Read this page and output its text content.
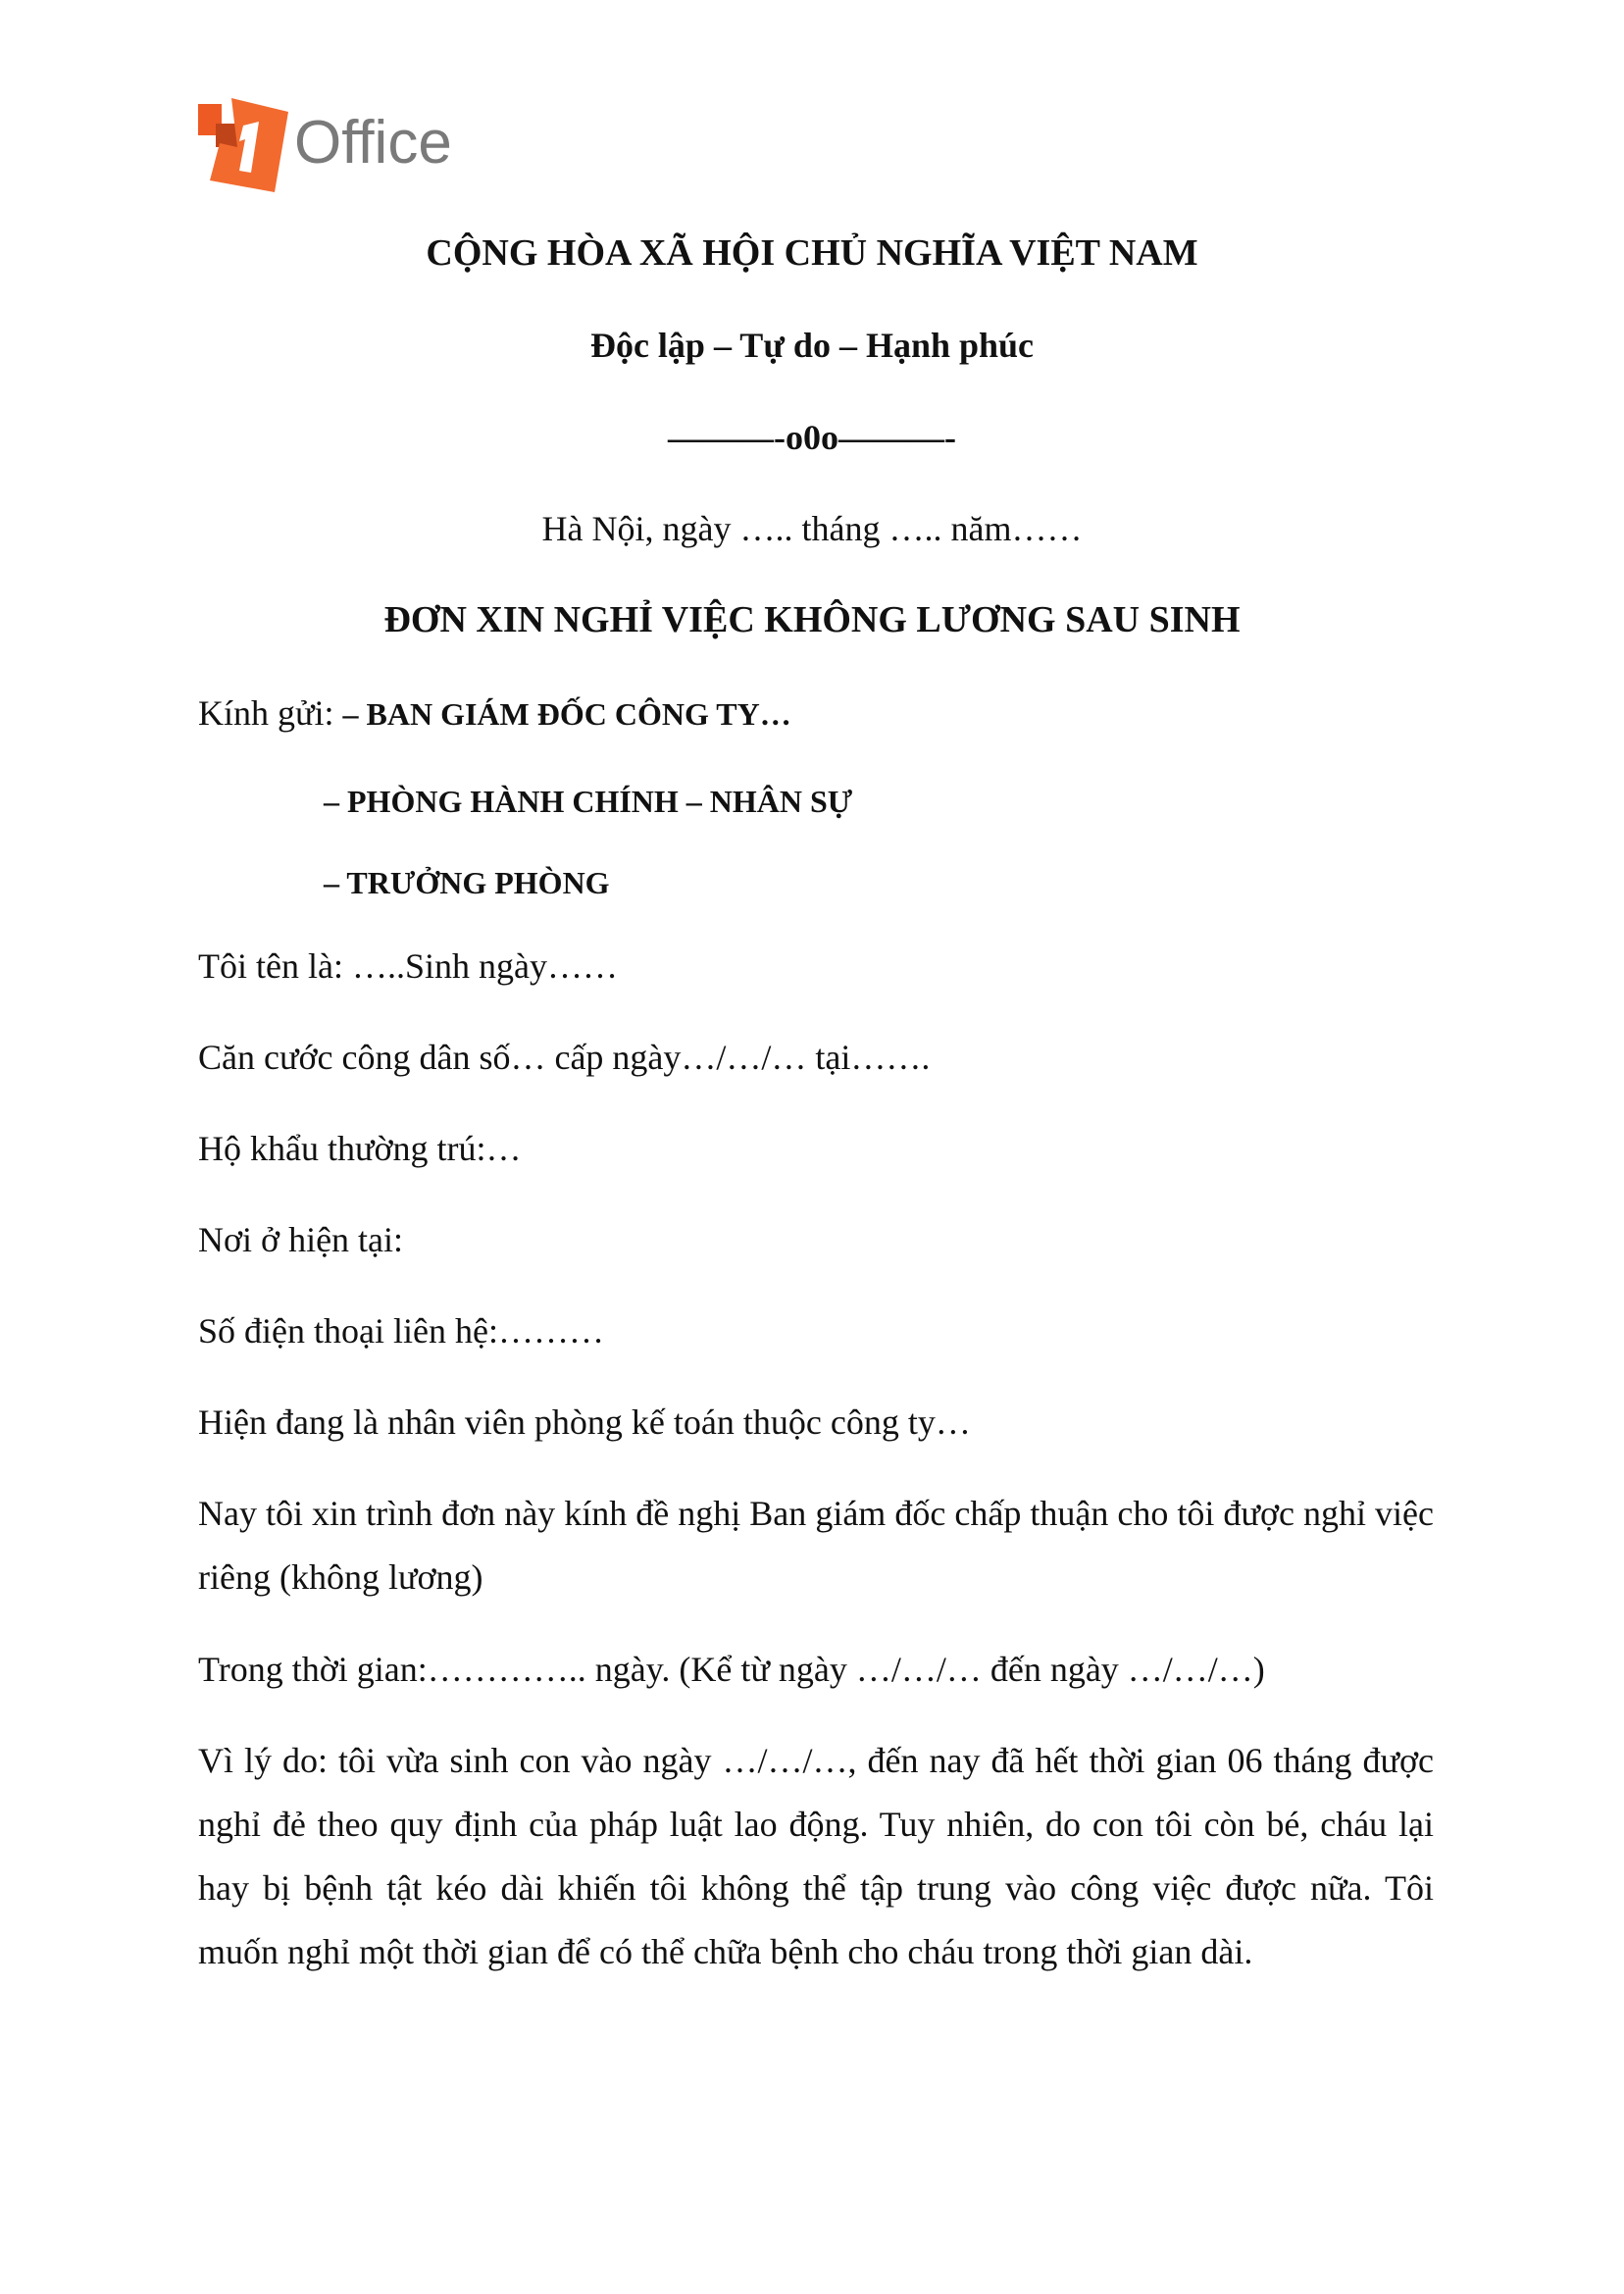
Office
CỘNG HÒA XÃ HỘI CHỦ NGHĨA VIỆT NAM
Độc lập – Tự do – Hạnh phúc
———-o0o———-
Hà Nội, ngày ….. tháng ….. năm……
ĐƠN XIN NGHỈ VIỆC KHÔNG LƯƠNG SAU SINH
Kính gửi: – BAN GIÁM ĐỐC CÔNG TY…
– PHÒNG HÀNH CHÍNH – NHÂN SỰ
– TRƯỞNG PHÒNG
Tôi tên là: …..Sinh ngày……
Căn cước công dân số… cấp ngày…/…/… tại…….
Hộ khẩu thường trú:…
Nơi ở hiện tại:
Số điện thoại liên hệ:………
Hiện đang là nhân viên phòng kế toán thuộc công ty…
Nay tôi xin trình đơn này kính đề nghị Ban giám đốc chấp thuận cho tôi được nghỉ việc riêng (không lương)
Trong thời gian:………….. ngày. (Kể từ ngày …/…/… đến ngày …/…/…)
Vì lý do: tôi vừa sinh con vào ngày …/…/…, đến nay đã hết thời gian 06 tháng được nghỉ đẻ theo quy định của pháp luật lao động. Tuy nhiên, do con tôi còn bé, cháu lại hay bị bệnh tật kéo dài khiến tôi không thể tập trung vào công việc được nữa. Tôi muốn nghỉ một thời gian để có thể chữa bệnh cho cháu trong thời gian dài.
